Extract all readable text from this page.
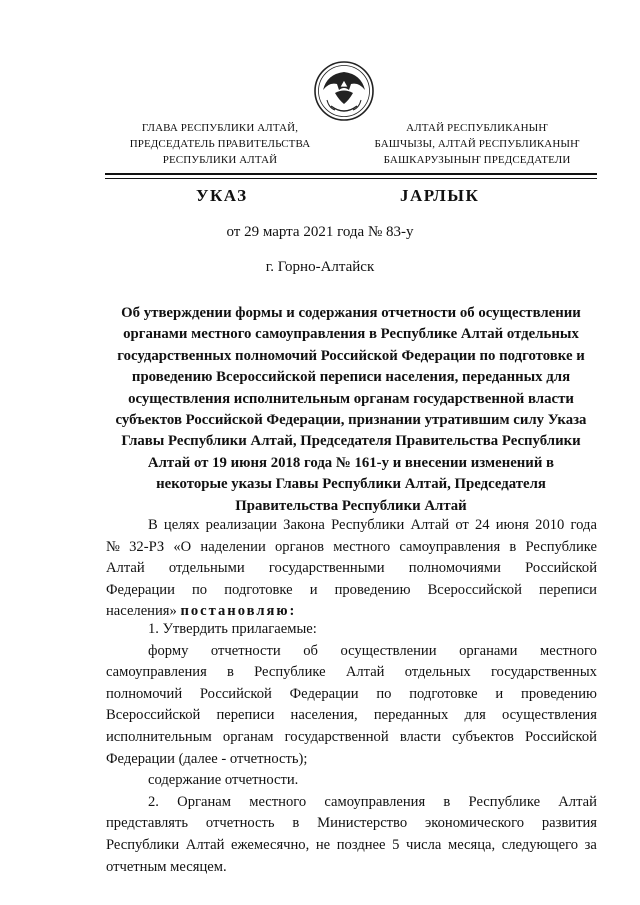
ГЛАВА РЕСПУБЛИКИ АЛТАЙ,
ПРЕДСЕДАТЕЛЬ ПРАВИТЕЛЬСТВА
РЕСПУБЛИКИ АЛТАЙ
АЛТАЙ РЕСПУБЛИКАНЫҤ
БАШЧЫЗЫ, АЛТАЙ РЕСПУБЛИКАНЫҤ
БАШКАРУЗЫНЫҤ ПРЕДСЕДАТЕЛИ
УКАЗ	ЈАРЛЫК
от 29 марта 2021 года № 83-у
г. Горно-Алтайск
Об утверждении формы и содержания отчетности об осуществлении
органами местного самоуправления в Республике Алтай отдельных
государственных полномочий Российской Федерации по подготовке и
проведению Всероссийской переписи населения, переданных для
осуществления исполнительным органам государственной власти
субъектов Российской Федерации, признании утратившим силу Указа
Главы Республики Алтай, Председателя Правительства Республики
Алтай от 19 июня 2018 года № 161-у и внесении изменений в
некоторые указы Главы Республики Алтай, Председателя
Правительства Республики Алтай
В целях реализации Закона Республики Алтай от 24 июня 2010 года
№ 32-РЗ «О наделении органов местного самоуправления в Республике
Алтай отдельными государственными полномочиями Российской
Федерации по подготовке и проведению Всероссийской переписи
населения»
постановляю:
1. Утвердить прилагаемые:
форму отчетности об осуществлении органами местного
самоуправления в Республике Алтай отдельных государственных
полномочий Российской Федерации по подготовке и проведению
Всероссийской переписи населения, переданных для осуществления
исполнительным органам государственной власти субъектов Российской
Федерации (далее - отчетность);
содержание отчетности.
2. Органам местного самоуправления в Республике Алтай
представлять отчетность в Министерство экономического развития
Республики Алтай ежемесячно, не позднее 5 числа месяца, следующего за
отчетным месяцем.
